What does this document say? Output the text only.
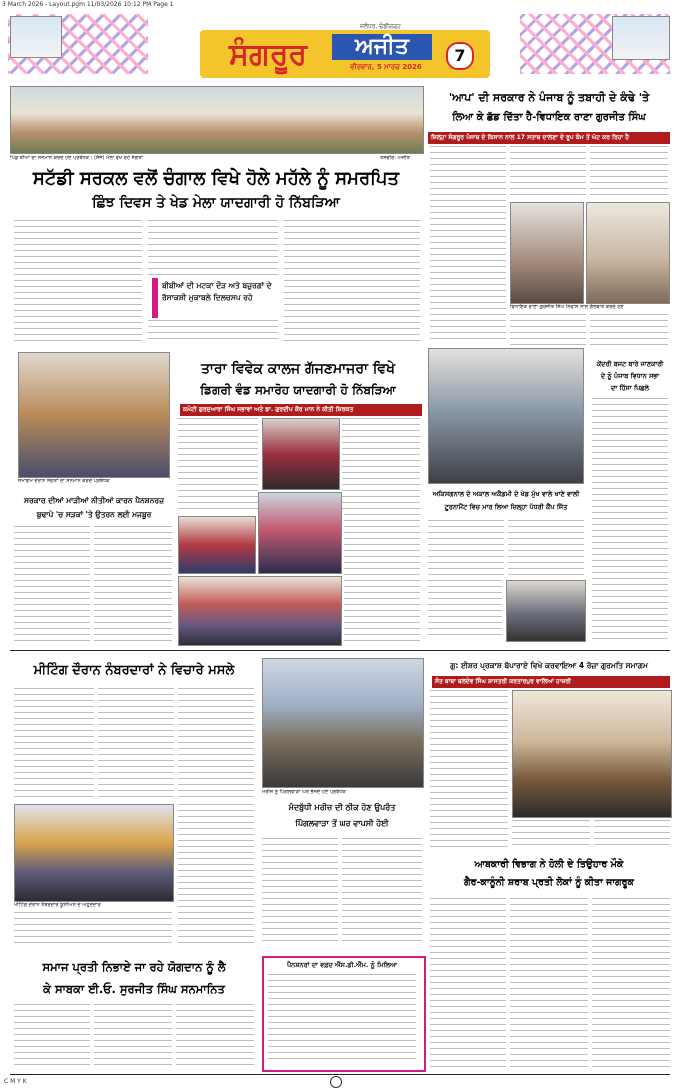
3 March 2026 - Layout.pgm 11/03/2026 10:12 PM Page 1
ਸੰਗਰੂਰ	ਅਜੀਤ
ਜਲੰਧਰ, ਚੰਡੀਗੜ੍ਹ
ਵੀਰਵਾਰ, 5 ਮਾਰਚ 2026
7
ਪਿੰਡ ਤੀਆਂ ਦਾ ਸਨਮਾਨ ਕਰਦੇ ਹੋਏ ਪ੍ਰਬੰਧਕ। (ਸੱਜੇ) ਮੇਲਾ ਵੇਖ ਰਹੇ ਸੰਗਤਾਂ	ਤਸਵੀਰ: ਅਜੀਤ
ਸਟੱਡੀ ਸਰਕਲ ਵਲੋਂ ਚੰਗਾਲ ਵਿਖੇ ਹੋਲੇ ਮਹੱਲੇ ਨੂੰ ਸਮਰਪਿਤ
ਛਿੰਝ ਦਿਵਸ ਤੇ ਖੇਡ ਮੇਲਾ ਯਾਦਗਾਰੀ ਹੋ ਨਿੱਬੜਿਆ
ਬੀਬੀਆਂ ਦੀ ਮਟਕਾ ਦੌੜ ਅਤੇ ਬਜ਼ੁਰਗਾਂ ਦੇ ਰੱਸਾਕਸ਼ੀ ਮੁਕਾਬਲੇ ਦਿਲਚਸਪ ਰਹੇ
'ਆਪ' ਦੀ ਸਰਕਾਰ ਨੇ ਪੰਜਾਬ ਨੂੰ ਤਬਾਹੀ ਦੇ ਕੰਢੇ 'ਤੇ
ਲਿਆ ਕੇ ਛੱਡ ਦਿੱਤਾ ਹੈ-ਵਿਧਾਇਕ ਰਾਣਾ ਗੁਰਜੀਤ ਸਿੰਘ
ਜ਼ਿਲ੍ਹਾ ਸੰਗਰੂਰ ਪੰਜਾਬ ਦੇ ਕਿਸਾਨ ਨਾਲ 17 ਸਤਾਬ ਦਾਲਣਾ ਦੇ ਰੂਪ ਕੰਮ ਤੋਂ ਘੱਟ ਕਰ ਰਿਹਾ ਹੈ
ਵਿਧਾਇਕ ਰਾਣਾ ਗੁਰਜੀਤ ਸਿੰਘ ਨਿਵਾਸ ਨਾਲ ਗੱਲਬਾਤ ਕਰਦੇ ਹੋਏ
ਸਮਾਗਮ ਦੌਰਾਨ ਸੰਗਤਾਂ ਦਾ ਸਨਮਾਨ ਕਰਦੇ ਪ੍ਰਬੰਧਕ
ਤਾਰਾ ਵਿਵੇਕ ਕਾਲਜ ਗੱਜਣਮਾਜਰਾ ਵਿਖੇ
ਡਿਗਰੀ ਵੰਡ ਸਮਾਰੋਹ ਯਾਦਗਾਰੀ ਹੋ ਨਿੱਬੜਿਆ
ਕਮੇਟੀ ਗੁਰਦੁਆਰਾ ਸਿੰਘ ਸਭਾਵਾਂ ਅਤੇ ਡਾ. ਗੁਰਦੀਪ ਕੌਰ ਮਾਨ ਨੇ ਕੀਤੀ ਸ਼ਿਰਕਤ
ਸਰਕਾਰ ਦੀਆਂ ਮਾੜੀਆਂ ਨੀਤੀਆਂ ਕਾਰਨ ਪੈਨਸ਼ਨਰਜ਼
ਬੁਢਾਪੇ 'ਚ ਸੜਕਾਂ 'ਤੇ ਉਤਰਨ ਲਈ ਮਜਬੂਰ
ਅਕਿਸਗਨਾਲ ਦੇ ਅਕਾਲ ਅਕੈਡਮੀ ਦੇ ਖੇਡ ਮੁੱਖ ਵਾਲੇ ਖਾਣੇ ਵਾਲੀ
ਟੂਰਨਾਮੈਂਟ ਵਿਚ ਮਾਰ ਲਿਆ ਜ਼ਿਲ੍ਹਾ ਪੱਧਰੀ ਕੈਂਪ ਜਿੱਤ
ਕੇਂਦਰੀ ਬਜਟ ਬਾਰੇ ਜਾਣਕਾਰੀ
ਦੇ ਨੂੰ ਪੰਜਾਬ ਵਿਧਾਨ ਸਭਾ
ਦਾ ਹਿੱਸਾ ਪਿਛਲੇ
ਮੀਟਿੰਗ ਦੌਰਾਨ ਨੰਬਰਦਾਰਾਂ ਨੇ ਵਿਚਾਰੇ ਮਸਲੇ
ਮੀਟਿੰਗ ਦੌਰਾਨ ਨੰਬਰਦਾਰ ਯੂਨੀਅਨ ਦੇ ਅਹੁਦੇਦਾਰ
ਮਰੀਜ਼ ਨੂੰ ਪਿੰਗਲਵਾੜਾ ਘਰ ਭੇਜਦੇ ਹੋਏ ਪ੍ਰਬੰਧਕ
ਮੰਦਬੁੱਧੀ ਮਰੀਜ਼ ਦੀ ਠੀਕ ਹੋਣ ਉਪਰੰਤ
ਪਿੰਗਲਵਾੜਾ ਤੋਂ ਘਰ ਵਾਪਸੀ ਹੋਈ
ਗੁ: ਈਸ਼ਰ ਪ੍ਰਕਾਸ਼ ਬੋਪਾਰਾਏ ਵਿਖੇ ਕਰਵਾਇਆ 4 ਰੋਜ਼ਾ ਗੁਰਮਤਿ ਸਮਾਗਮ
ਸੰਤ ਬਾਬਾ ਬਲਦੇਵ ਸਿੰਘ ਸ਼ਾਸਤਰੀ ਕਰਤਾਰਪੁਰ ਵਾਲਿਆਂ ਹਾਜ਼ਰੀ
ਆਬਕਾਰੀ ਵਿਭਾਗ ਨੇ ਹੋਲੀ ਦੇ ਤਿਉਹਾਰ ਮੌਕੇ
ਗੈਰ-ਕਾਨੂੰਨੀ ਸ਼ਰਾਬ ਪ੍ਰਤੀ ਲੋਕਾਂ ਨੂੰ ਕੀਤਾ ਜਾਗਰੂਕ
ਸਮਾਜ ਪ੍ਰਤੀ ਨਿਭਾਏ ਜਾ ਰਹੇ ਯੋਗਦਾਨ ਨੂੰ ਲੈ
ਕੇ ਸਾਬਕਾ ਈ.ਓ. ਸੁਰਜੀਤ ਸਿੰਘ ਸਨਮਾਨਿਤ
ਪੈਨਸ਼ਨਰਾਂ ਦਾ ਵਫ਼ਦ ਐੱਸ.ਡੀ.ਐੱਮ. ਨੂੰ ਮਿਲਿਆ
C M Y K
